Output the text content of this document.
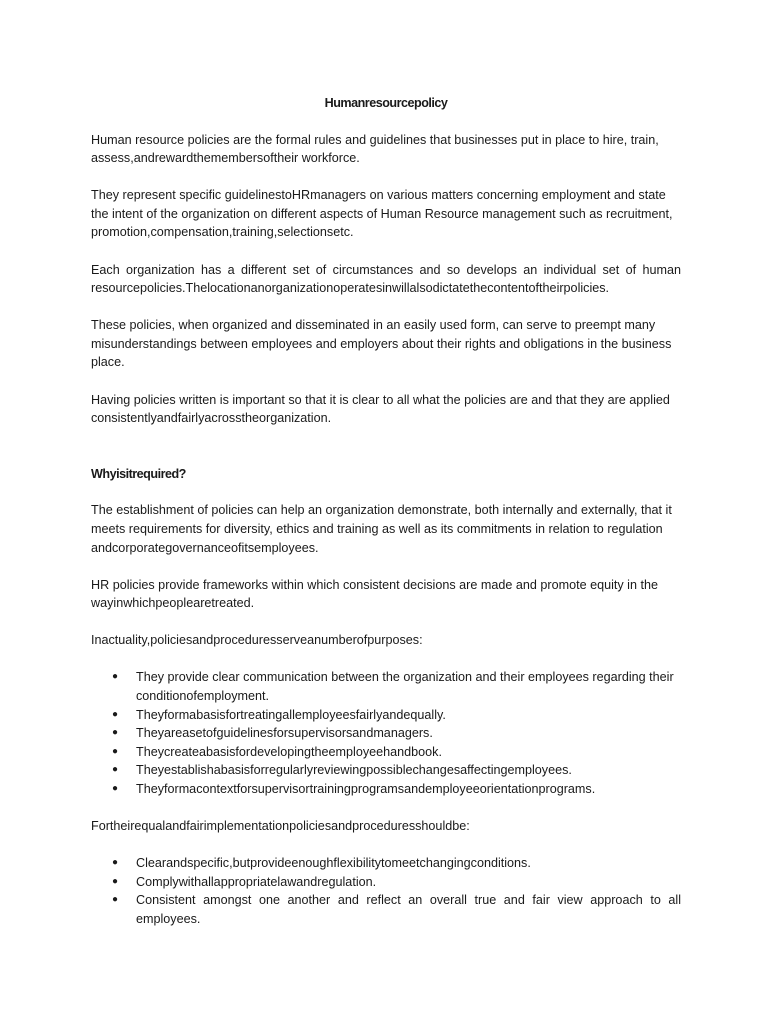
Humanresourcepolicy

Human resource policies are the formal rules and guidelines that businesses put in place to hire, train, assess,andrewardthemembersoftheir workforce.

They represent specific guidelinestoHRmanagers on various matters concerning employment and state the intent of the organization on different aspects of Human Resource management such as recruitment, promotion,compensation,training,selectionsetc.

Each organization has a different set of circumstances and so develops an individual set of human resourcepolicies.Thelocationanorganizationoperatesinwillalsodictatethecontentoftheirpolicies.

These policies, when organized and disseminated in an easily used form, can serve to preempt many misunderstandings between employees and employers about their rights and obligations in the business place.

Having policies written is important so that it is clear to all what the policies are and that they are applied consistentlyandfairlyacrosstheorganization.

Whyisitrequired?

The establishment of policies can help an organization demonstrate, both internally and externally, that it meets requirements for diversity, ethics and training as well as its commitments in relation to regulation andcorporategovernanceofitsemployees.

HR policies provide frameworks within which consistent decisions are made and promote equity in the wayinwhichpeoplearetreated.

Inactuality,policiesandproceduresserveanumberofpurposes:

● They provide clear communication between the organization and their employees regarding their conditionofemployment.
● Theyformabasisfortreatingallemployeesfairlyandequally.
● Theyareasetofguidelinesforsupervisorsandmanagers.
● Theycreateabasisfordevelopingtheemployeehandbook.
● Theyestablishabasisforregularlyreviewingpossiblechangesaffectingemployees.
● Theyformacontextforsupervisortrainingprogramsandemployeeorientationprograms.

Fortheirequalandfairimplementationpoliciesandproceduresshouldbe:

● Clearandspecific,butprovideenoughflexibilitytomeetchangingconditions.
● Complywithallappropriatelawandregulation.
● Consistent amongst one another and reflect an overall true and fair view approach to all employees.
